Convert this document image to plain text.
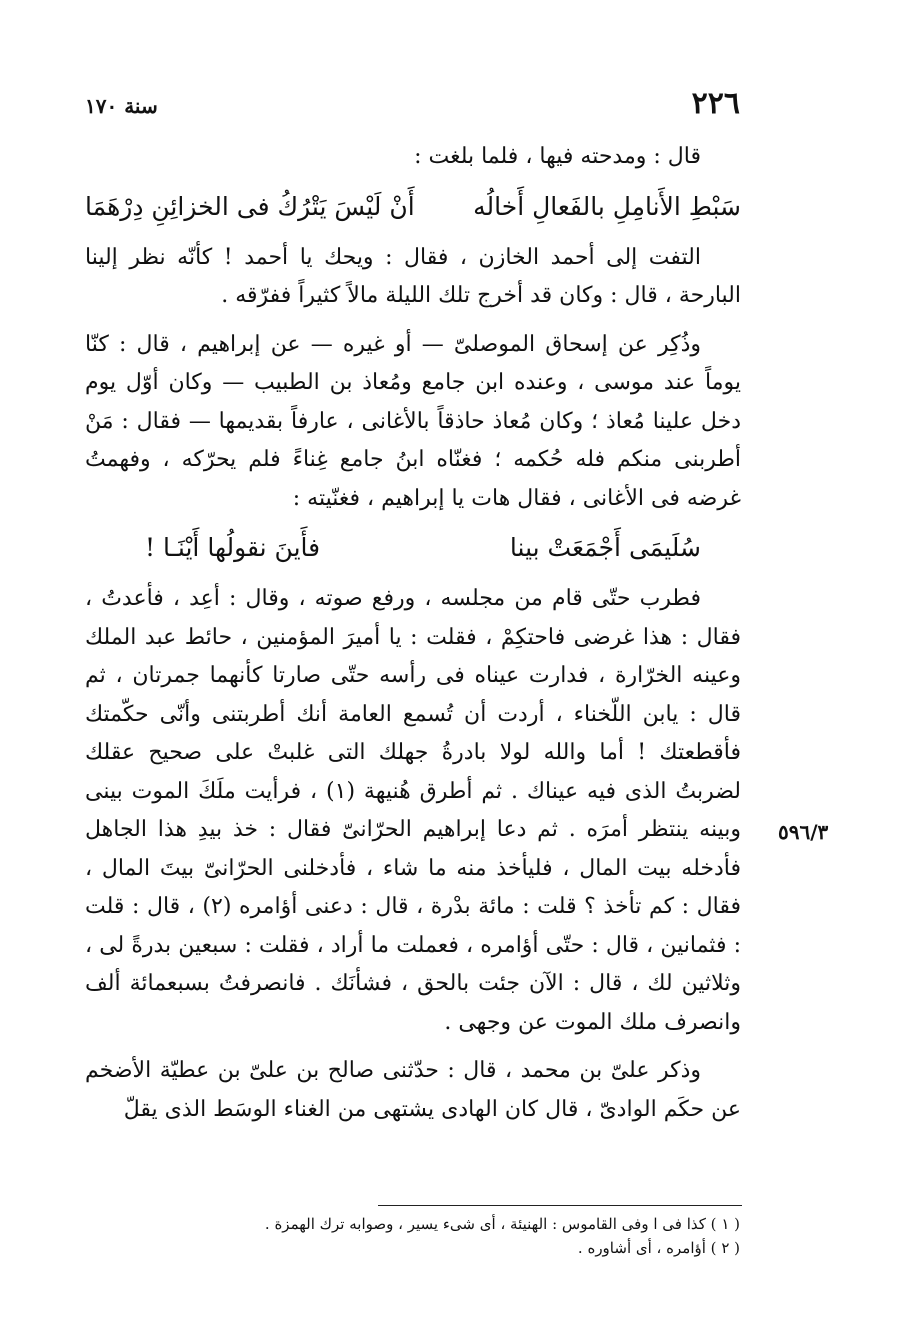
٢٢٦
سنة ١٧٠
٥٩٦/٣

قال : ومدحته فيها ، فلما بلغت :

سَبْطِ الأَنامِلِ بالفَعالِ أَخالُه
أَنْ لَيْسَ يَتْرُكُ فى الخزائِنِ دِرْهَمَا

التفت إلى أحمد الخازن ، فقال : ويحك يا أحمد ! كأنّه نظر إلينا البارحة ، قال : وكان قد أخرج تلك الليلة مالاً كثيراً ففرّقه .

وذُكِر عن إسحاق الموصلىّ — أو غيره — عن إبراهيم ، قال : كنّا يوماً عند موسى ، وعنده ابن جامع ومُعاذ بن الطبيب — وكان أوّل يوم دخل علينا مُعاذ ؛ وكان مُعاذ حاذقاً بالأغانى ، عارفاً بقديمها — فقال : مَنْ أطربنى منكم فله حُكمه ؛ فغنّاه ابنُ جامع غِناءً فلم يحرّكه ، وفهمتُ غرضه فى الأغانى ، فقال هات يا إبراهيم ، فغنّيته :

سُلَيمَى أَجْمَعَتْ بينا
فأَينَ نقولُها أَيْنَـا !

فطرب حتّى قام من مجلسه ، ورفع صوته ، وقال : أعِد ، فأعدتُ ، فقال : هذا غرضى فاحتكِمْ ، فقلت : يا أميرَ المؤمنين ، حائط عبد الملك وعينه الخرّارة ، فدارت عيناه فى رأسه حتّى صارتا كأنهما جمرتان ، ثم قال : يابن اللّخناء ، أردت أن تُسمع العامة أنك أطربتنى وأنّى حكّمتك فأقطعتك ! أما والله لولا بادرةُ جهلك التى غلبتْ على صحيح عقلك لضربتُ الذى فيه عيناك . ثم أطرق هُنيهة (١) ، فرأيت ملَكَ الموت بينى وبينه ينتظر أمرَه . ثم دعا إبراهيم الحرّانىّ فقال : خذ بيدِ هذا الجاهل فأدخله بيت المال ، فليأخذ منه ما شاء ، فأدخلنى الحرّانىّ بيتَ المال ، فقال : كم تأخذ ؟ قلت : مائة بدْرة ، قال : دعنى أؤامره (٢) ، قال : قلت : فثمانين ، قال : حتّى أؤامره ، فعملت ما أراد ، فقلت : سبعين بدرةً لى ، وثلاثين لك ، قال : الآن جئت بالحق ، فشأنَك . فانصرفتُ بسبعمائة ألف وانصرف ملك الموت عن وجهى .

وذكر علىّ بن محمد ، قال : حدّثنى صالح بن علىّ بن عطيّة الأضخم عن حكَم الوادىّ ، قال كان الهادى يشتهى من الغناء الوسَط الذى يقلّ

( ١ ) كذا فى ا وفى القاموس : الهنيئة ، أى شىء يسير ، وصوابه ترك الهمزة .

( ٢ ) أؤامره ، أى أشاوره .
